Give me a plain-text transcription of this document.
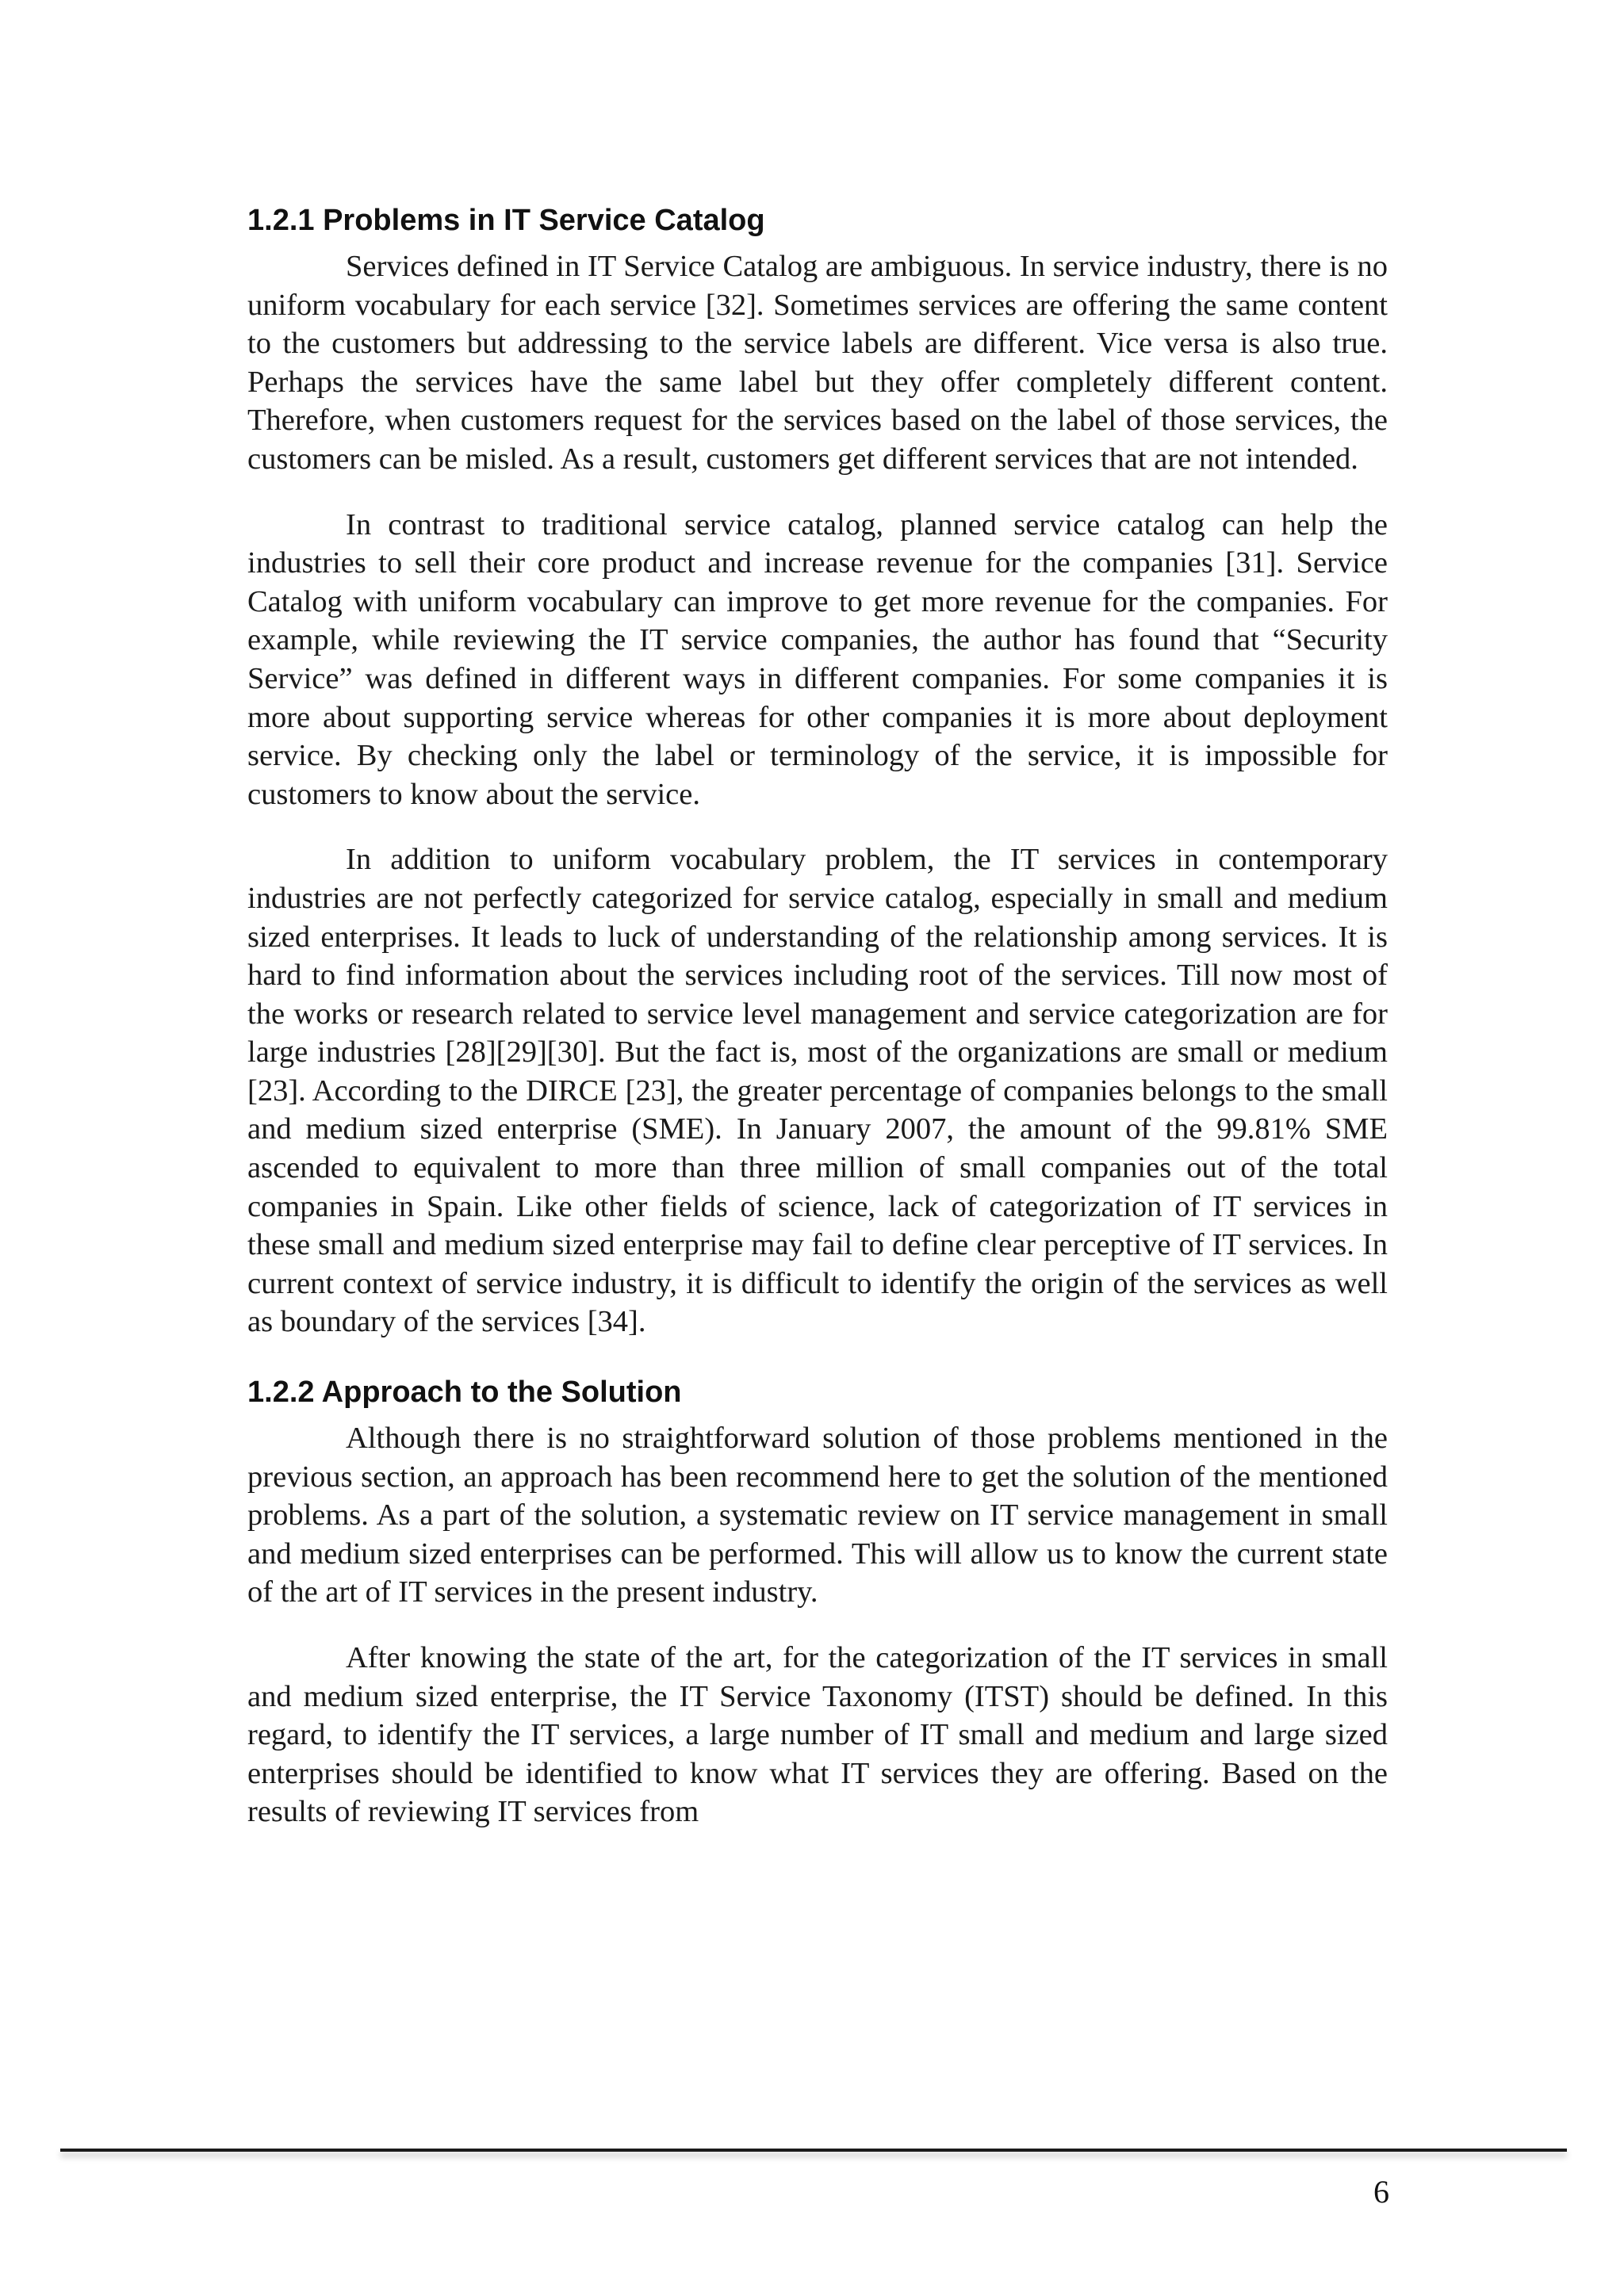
1.2.1 Problems in IT Service Catalog

Services defined in IT Service Catalog are ambiguous. In service industry, there is no uniform vocabulary for each service [32]. Sometimes services are offering the same content to the customers but addressing to the service labels are different. Vice versa is also true. Perhaps the services have the same label but they offer completely different content. Therefore, when customers request for the services based on the label of those services, the customers can be misled. As a result, customers get different services that are not intended.

In contrast to traditional service catalog, planned service catalog can help the industries to sell their core product and increase revenue for the companies [31]. Service Catalog with uniform vocabulary can improve to get more revenue for the companies. For example, while reviewing the IT service companies, the author has found that “Security Service” was defined in different ways in different companies. For some companies it is more about supporting service whereas for other companies it is more about deployment service. By checking only the label or terminology of the service, it is impossible for customers to know about the service.

In addition to uniform vocabulary problem, the IT services in contemporary industries are not perfectly categorized for service catalog, especially in small and medium sized enterprises. It leads to luck of understanding of the relationship among services. It is hard to find information about the services including root of the services. Till now most of the works or research related to service level management and service categorization are for large industries [28][29][30]. But the fact is, most of the organizations are small or medium [23]. According to the DIRCE [23], the greater percentage of companies belongs to the small and medium sized enterprise (SME). In January 2007, the amount of the 99.81% SME ascended to equivalent to more than three million of small companies out of the total companies in Spain. Like other fields of science, lack of categorization of IT services in these small and medium sized enterprise may fail to define clear perceptive of IT services. In current context of service industry, it is difficult to identify the origin of the services as well as boundary of the services [34].

1.2.2 Approach to the Solution

Although there is no straightforward solution of those problems mentioned in the previous section, an approach has been recommend here to get the solution of the mentioned problems. As a part of the solution, a systematic review on IT service management in small and medium sized enterprises can be performed. This will allow us to know the current state of the art of IT services in the present industry.

After knowing the state of the art, for the categorization of the IT services in small and medium sized enterprise, the IT Service Taxonomy (ITST) should be defined. In this regard, to identify the IT services, a large number of IT small and medium and large sized enterprises should be identified to know what IT services they are offering. Based on the results of reviewing IT services from

6
